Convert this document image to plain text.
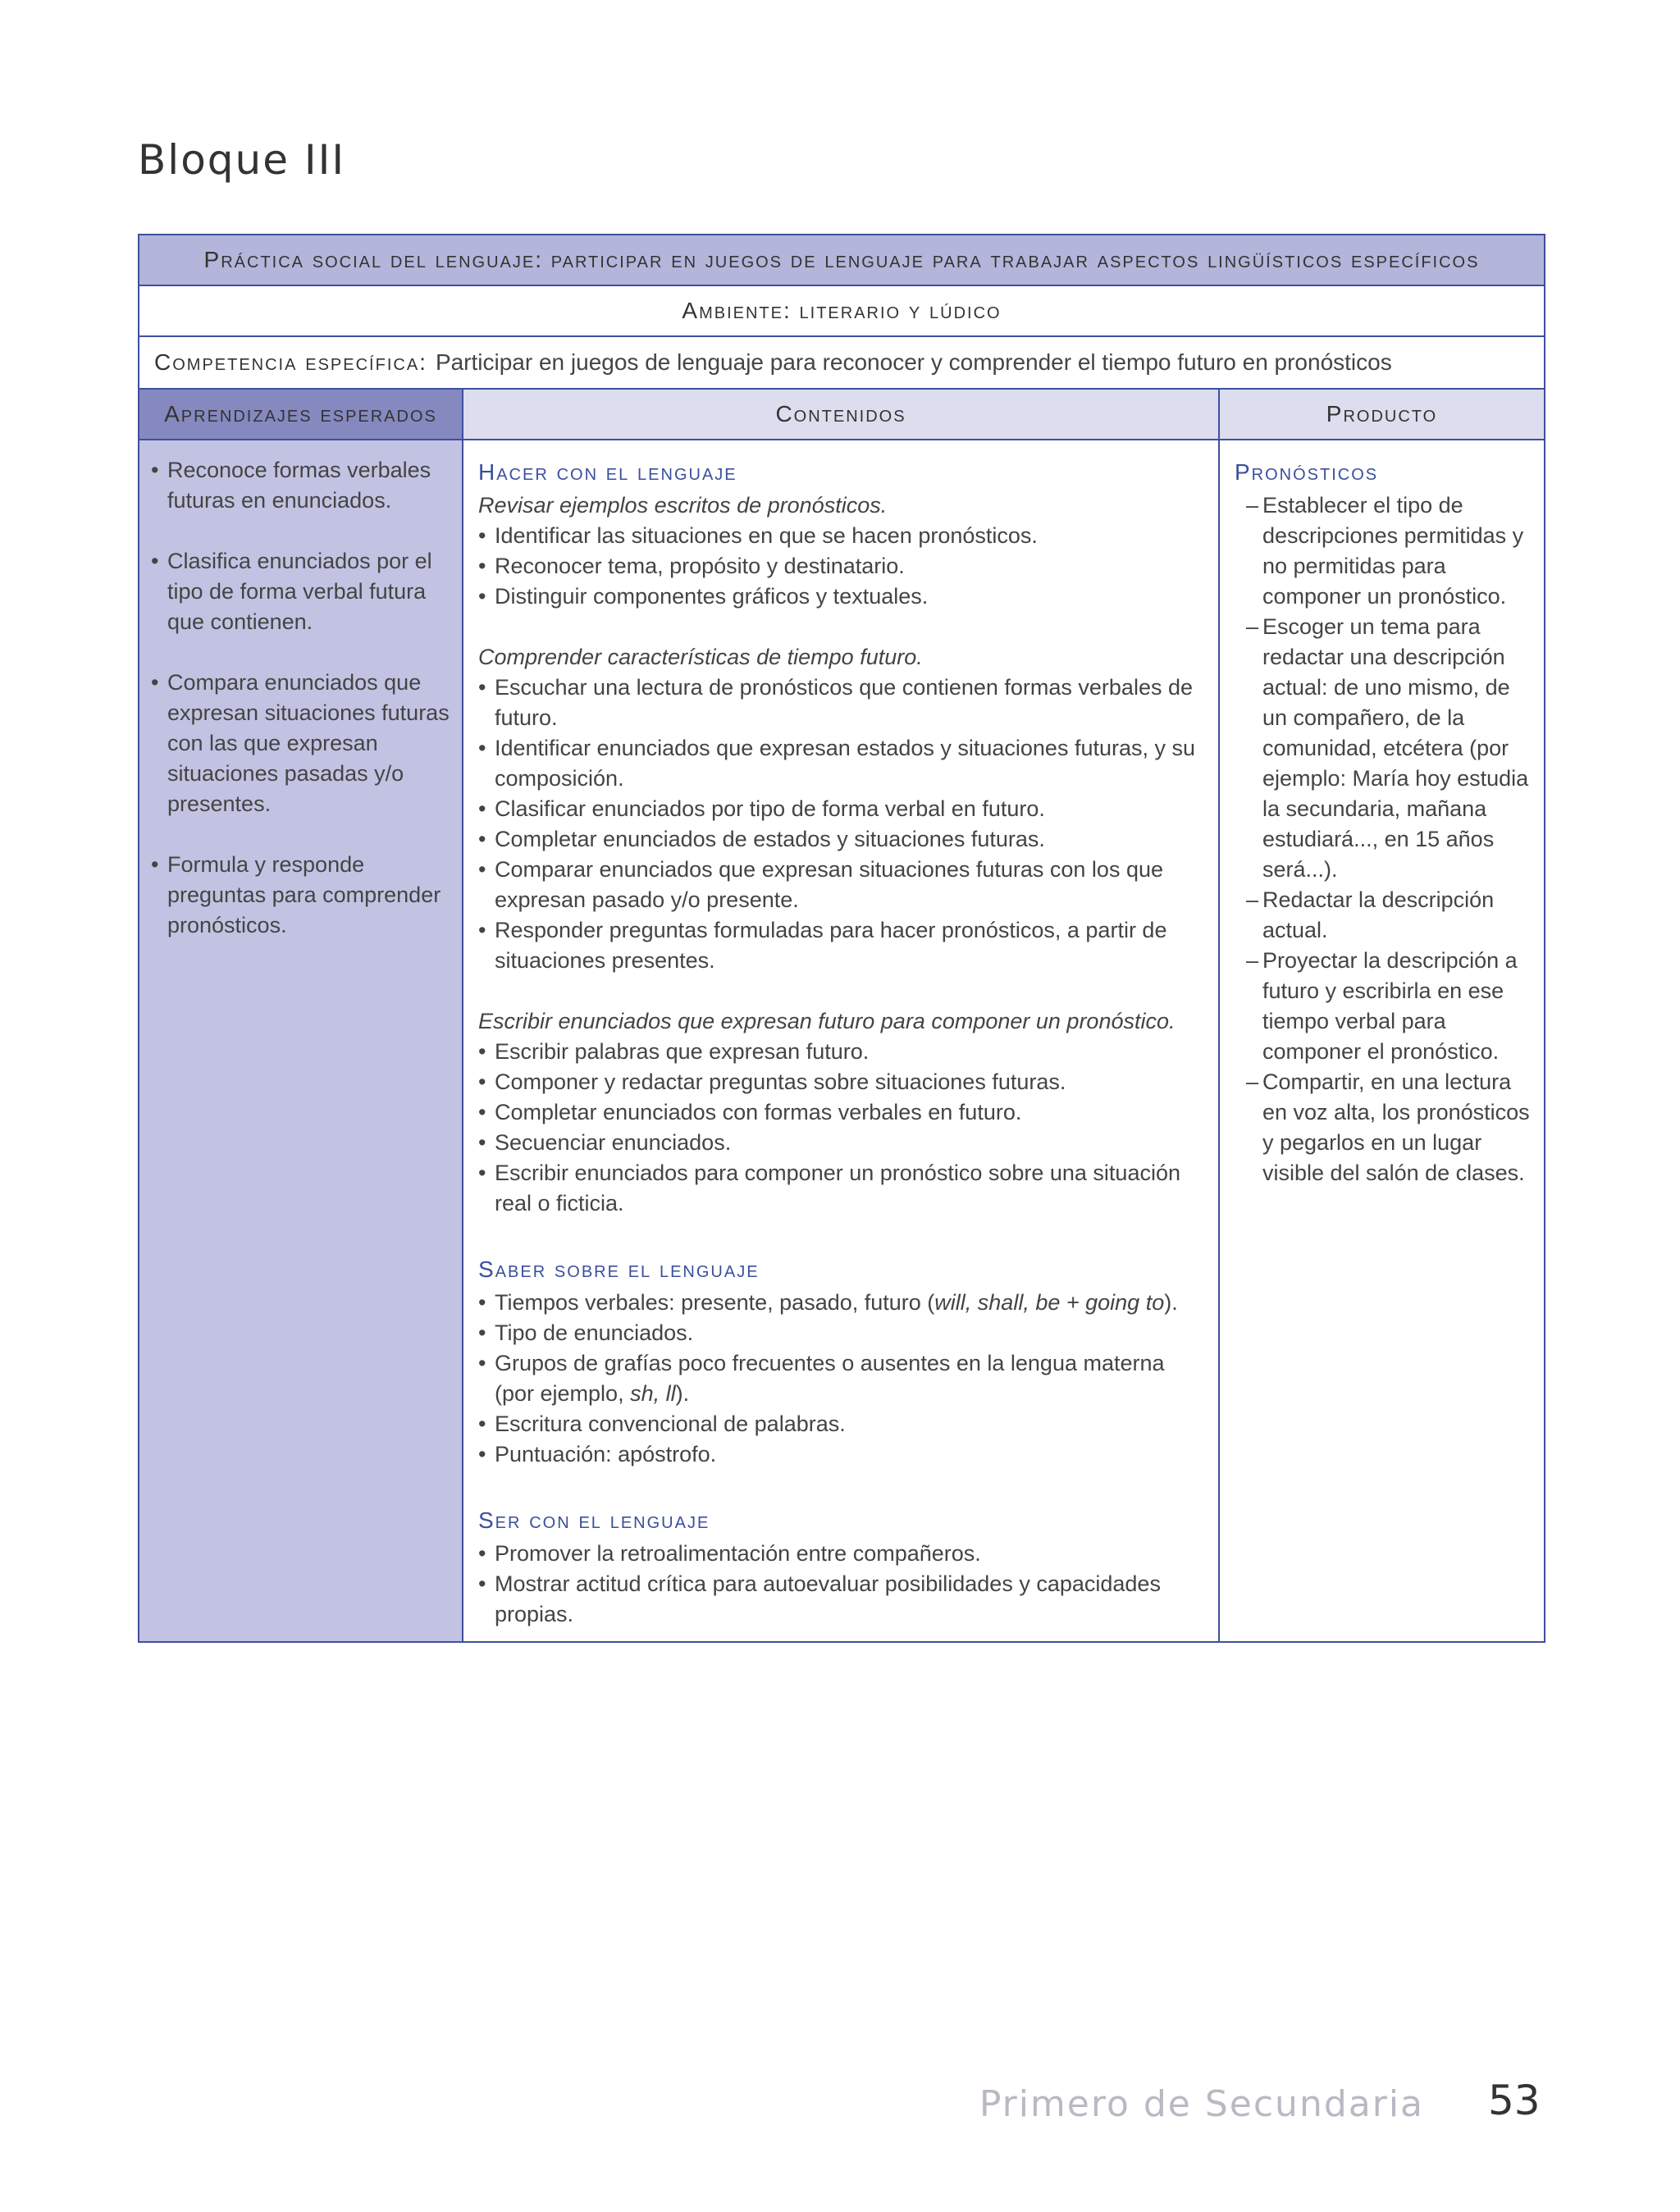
Bloque III
Práctica social del lenguaje: participar en juegos de lenguaje para trabajar aspectos lingüísticos específicos
Ambiente: literario y lúdico
Competencia específica: Participar en juegos de lenguaje para reconocer y comprender el tiempo futuro en pronósticos
Aprendizajes esperados	Contenidos	Producto
• Reconoce formas verbales futuras en enunciados.
• Clasifica enunciados por el tipo de forma verbal futura que contienen.
• Compara enunciados que expresan situaciones futuras con las que expresan situaciones pasadas y/o presentes.
• Formula y responde preguntas para comprender pronósticos.
Hacer con el lenguaje
Revisar ejemplos escritos de pronósticos.
• Identificar las situaciones en que se hacen pronósticos.
• Reconocer tema, propósito y destinatario.
• Distinguir componentes gráficos y textuales.
Comprender características de tiempo futuro.
• Escuchar una lectura de pronósticos que contienen formas verbales de futuro.
• Identificar enunciados que expresan estados y situaciones futuras, y su composición.
• Clasificar enunciados por tipo de forma verbal en futuro.
• Completar enunciados de estados y situaciones futuras.
• Comparar enunciados que expresan situaciones futuras con los que expresan pasado y/o presente.
• Responder preguntas formuladas para hacer pronósticos, a partir de situaciones presentes.
Escribir enunciados que expresan futuro para componer un pronóstico.
• Escribir palabras que expresan futuro.
• Componer y redactar preguntas sobre situaciones futuras.
• Completar enunciados con formas verbales en futuro.
• Secuenciar enunciados.
• Escribir enunciados para componer un pronóstico sobre una situación real o ficticia.
Saber sobre el lenguaje
• Tiempos verbales: presente, pasado, futuro (will, shall, be + going to).
• Tipo de enunciados.
• Grupos de grafías poco frecuentes o ausentes en la lengua materna (por ejemplo, sh, ll).
• Escritura convencional de palabras.
• Puntuación: apóstrofo.
Ser con el lenguaje
• Promover la retroalimentación entre compañeros.
• Mostrar actitud crítica para autoevaluar posibilidades y capacidades propias.
Pronósticos
– Establecer el tipo de descripciones permitidas y no permitidas para componer un pronóstico.
– Escoger un tema para redactar una descripción actual: de uno mismo, de un compañero, de la comunidad, etcétera (por ejemplo: María hoy estudia la secundaria, mañana estudiará..., en 15 años será...).
– Redactar la descripción actual.
– Proyectar la descripción a futuro y escribirla en ese tiempo verbal para componer el pronóstico.
– Compartir, en una lectura en voz alta, los pronósticos y pegarlos en un lugar visible del salón de clases.
Primero de Secundaria 53
